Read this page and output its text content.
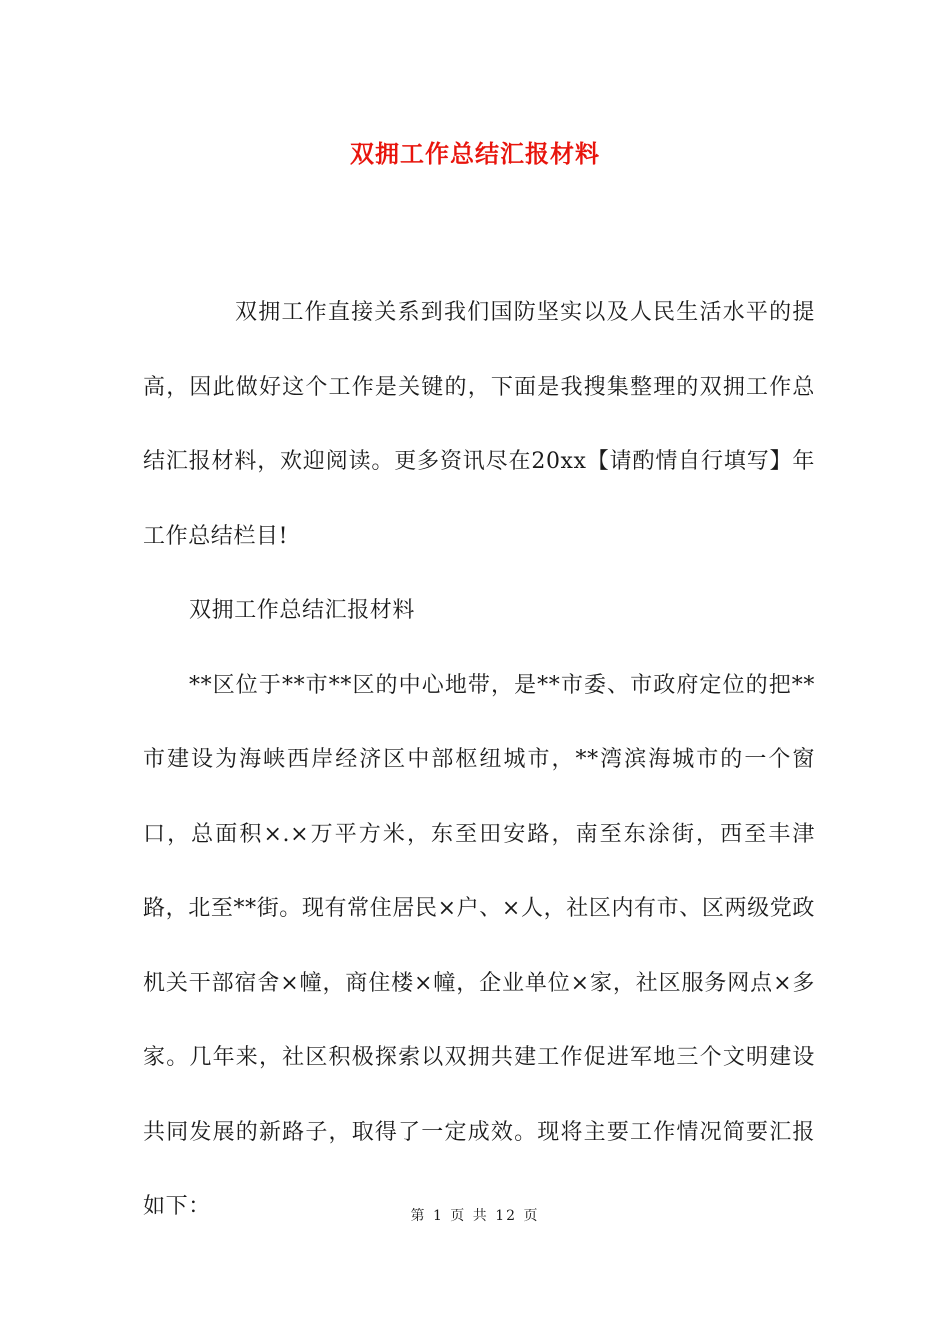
双拥工作总结汇报材料

双拥工作直接关系到我们国防坚实以及人民生活水平的提高，因此做好这个工作是关键的，下面是我搜集整理的双拥工作总结汇报材料，欢迎阅读。更多资讯尽在20xx【请酌情自行填写】年工作总结栏目!

双拥工作总结汇报材料

**区位于**市**区的中心地带，是**市委、市政府定位的把**市建设为海峡西岸经济区中部枢纽城市，**湾滨海城市的一个窗口，总面积×.×万平方米，东至田安路，南至东涂街，西至丰津路，北至**街。现有常住居民×户、×人，社区内有市、区两级党政机关干部宿舍×幢，商住楼×幢，企业单位×家，社区服务网点×多家。几年来，社区积极探索以双拥共建工作促进军地三个文明建设共同发展的新路子，取得了一定成效。现将主要工作情况简要汇报如下：	第 1 页 共 12 页
